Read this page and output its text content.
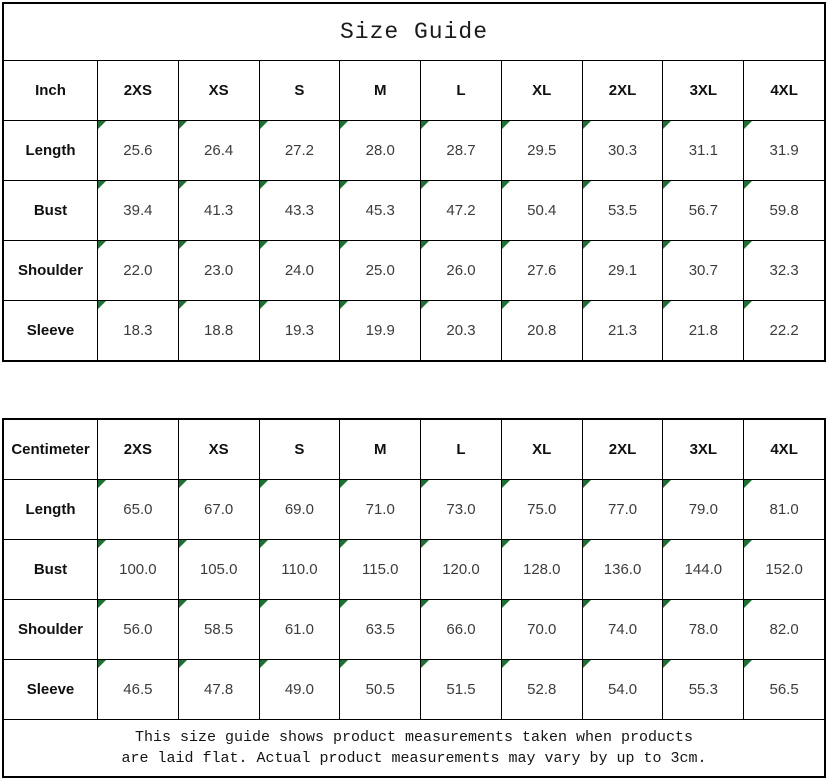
Size Guide
Inch	2XS	XS	S	M	L	XL	2XL	3XL	4XL
Length	25.6	26.4	27.2	28.0	28.7	29.5	30.3	31.1	31.9
Bust	39.4	41.3	43.3	45.3	47.2	50.4	53.5	56.7	59.8
Shoulder	22.0	23.0	24.0	25.0	26.0	27.6	29.1	30.7	32.3
Sleeve	18.3	18.8	19.3	19.9	20.3	20.8	21.3	21.8	22.2
Centimeter	2XS	XS	S	M	L	XL	2XL	3XL	4XL
Length	65.0	67.0	69.0	71.0	73.0	75.0	77.0	79.0	81.0
Bust	100.0	105.0	110.0	115.0	120.0	128.0	136.0	144.0	152.0
Shoulder	56.0	58.5	61.0	63.5	66.0	70.0	74.0	78.0	82.0
Sleeve	46.5	47.8	49.0	50.5	51.5	52.8	54.0	55.3	56.5
This size guide shows product measurements taken when products
are laid flat. Actual product measurements may vary by up to 3cm.
